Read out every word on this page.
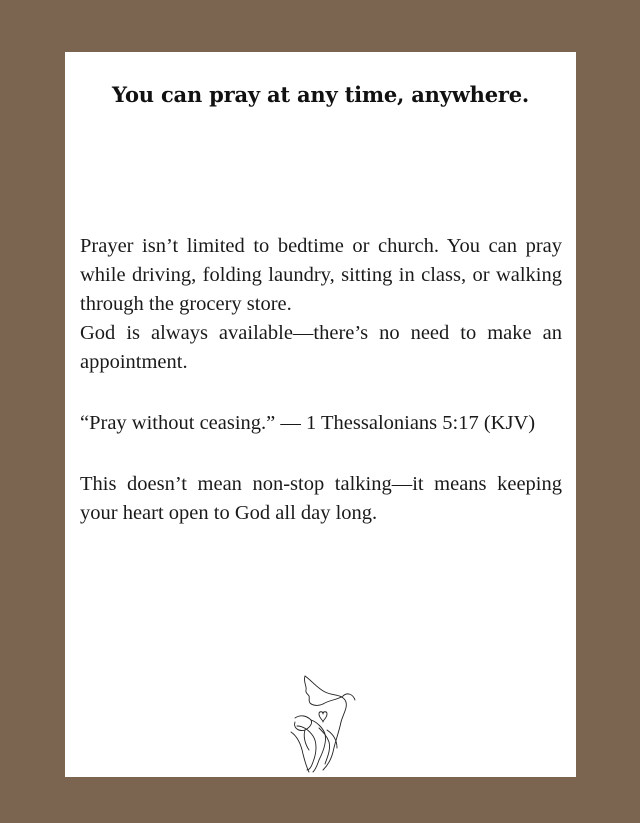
You can pray at any time, anywhere.

Prayer isn’t limited to bedtime or church. You can pray while driving, folding laundry, sitting in class, or walking through the grocery store.

God is always available—there’s no need to make an appointment.

“Pray without ceasing.” — 1 Thessalonians 5:17 (KJV)

This doesn’t mean non-stop talking—it means keeping your heart open to God all day long.
